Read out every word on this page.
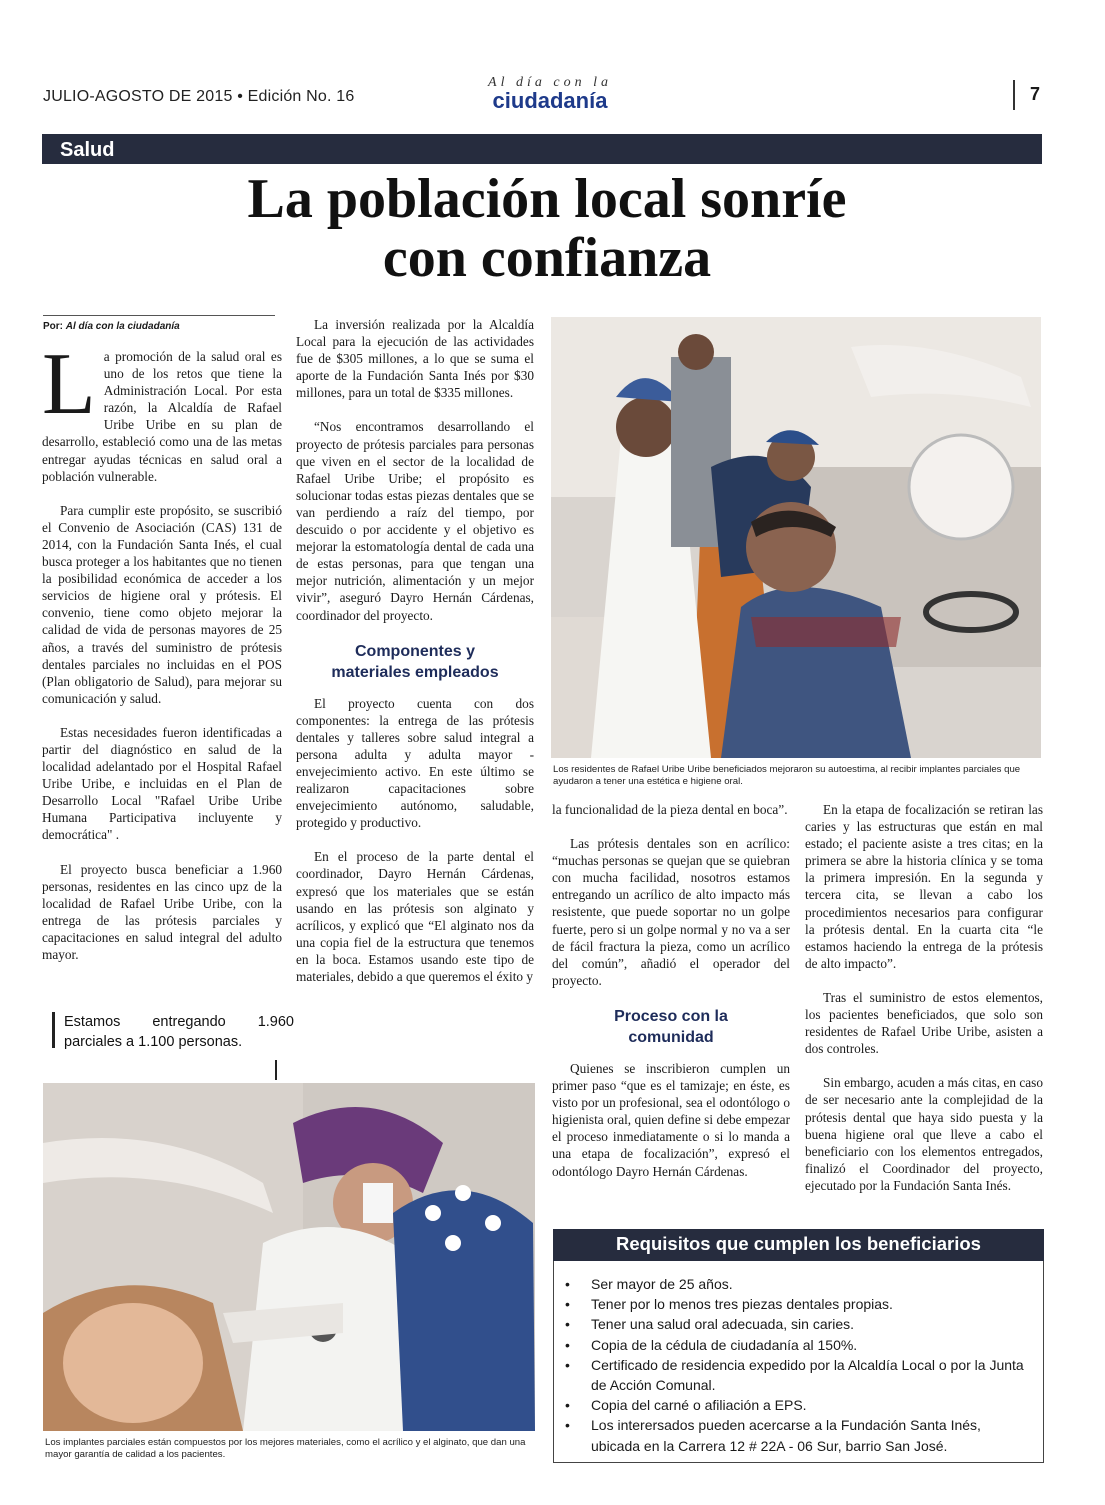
JULIO-AGOSTO DE 2015 • Edición No. 16
Al día con la
ciudadanía	7
Salud
La población local sonríe con confianza
Por: Al día con la ciudadanía

La promoción de la salud oral es uno de los retos que tiene la Administración Local. Por esta razón, la Alcaldía de Rafael Uribe Uribe en su plan de desarrollo, estableció como una de las metas entregar ayudas técnicas en salud oral a población vulnerable.

Para cumplir este propósito, se suscribió el Convenio de Asociación (CAS) 131 de 2014, con la Fundación Santa Inés, el cual busca proteger a los habitantes que no tienen la posibilidad económica de acceder a los servicios de higiene oral y prótesis. El convenio, tiene como objeto mejorar la calidad de vida de personas mayores de 25 años, a través del suministro de prótesis dentales parciales no incluidas en el POS (Plan obligatorio de Salud), para mejorar su comunicación y salud.

Estas necesidades fueron identificadas a partir del diagnóstico en salud de la localidad adelantado por el Hospital Rafael Uribe Uribe, e incluidas en el Plan de Desarrollo Local "Rafael Uribe Uribe Humana Participativa incluyente y democrática" .

El proyecto busca beneficiar a 1.960 personas, residentes en las cinco upz de la localidad de Rafael Uribe Uribe, con la entrega de las prótesis parciales y capacitaciones en salud integral del adulto mayor.

Estamos entregando 1.960 parciales a 1.100 personas.

La inversión realizada por la Alcaldía Local para la ejecución de las actividades fue de $305 millones, a lo que se suma el aporte de la Fundación Santa Inés por $30 millones, para un total de $335 millones.

“Nos encontramos desarrollando el proyecto de prótesis parciales para personas que viven en el sector de la localidad de Rafael Uribe Uribe; el propósito es solucionar todas estas piezas dentales que se van perdiendo a raíz del tiempo, por descuido o por accidente y el objetivo es mejorar la estomatología dental de cada una de estas personas, para que tengan una mejor nutrición, alimentación y un mejor vivir”, aseguró Dayro Hernán Cárdenas, coordinador del proyecto.

Componentes y materiales empleados

El proyecto cuenta con dos componentes: la entrega de las prótesis dentales y talleres sobre salud integral a persona adulta y adulta mayor - envejecimiento activo. En este último se realizaron capacitaciones sobre envejecimiento autónomo, saludable, protegido y productivo.

En el proceso de la parte dental el coordinador, Dayro Hernán Cárdenas, expresó que los materiales que se están usando en las prótesis son alginato y acrílicos, y explicó que “El alginato nos da una copia fiel de la estructura que tenemos en la boca. Estamos usando este tipo de materiales, debido a que queremos el éxito y

Los residentes de Rafael Uribe Uribe beneficiados mejoraron su autoestima, al recibir implantes parciales que ayudaron a tener una estética e higiene oral.

la funcionalidad de la pieza dental en boca”.

Las prótesis dentales son en acrílico: “muchas personas se quejan que se quiebran con mucha facilidad, nosotros estamos entregando un acrílico de alto impacto más resistente, que puede soportar no un golpe fuerte, pero si un golpe normal y no va a ser de fácil fractura la pieza, como un acrílico del común”, añadió el operador del proyecto.

Proceso con la comunidad

Quienes se inscribieron cumplen un primer paso “que es el tamizaje; en éste, es visto por un profesional, sea el odontólogo o higienista oral, quien define si debe empezar el proceso inmediatamente o si lo manda a una etapa de focalización”, expresó el odontólogo Dayro Hernán Cárdenas.

En la etapa de focalización se retiran las caries y las estructuras que están en mal estado; el paciente asiste a tres citas; en la primera se abre la historia clínica y se toma la primera impresión. En la segunda y tercera cita, se llevan a cabo los procedimientos necesarios para configurar la prótesis dental. En la cuarta cita “le estamos haciendo la entrega de la prótesis de alto impacto”.

Tras el suministro de estos elementos, los pacientes beneficiados, que solo son residentes de Rafael Uribe Uribe, asisten a dos controles.

Sin embargo, acuden a más citas, en caso de ser necesario ante la complejidad de la prótesis dental que haya sido puesta y la buena higiene oral que lleve a cabo el beneficiario con los elementos entregados, finalizó el Coordinador del proyecto, ejecutado por la Fundación Santa Inés.

Los implantes parciales están compuestos por los mejores materiales, como el acrílico y el alginato, que dan una mayor garantía de calidad a los pacientes.
Requisitos que cumplen los beneficiarios
• Ser mayor de 25 años.
• Tener por lo menos tres piezas dentales propias.
• Tener una salud oral adecuada, sin caries.
• Copia de la cédula de ciudadanía al 150%.
• Certificado de residencia expedido por la Alcaldía Local o por la Junta de Acción Comunal.
• Copia del carné o afiliación a EPS.
• Los interersados pueden acercarse a la Fundación Santa Inés, ubicada en la Carrera 12 # 22A - 06 Sur, barrio San José.
